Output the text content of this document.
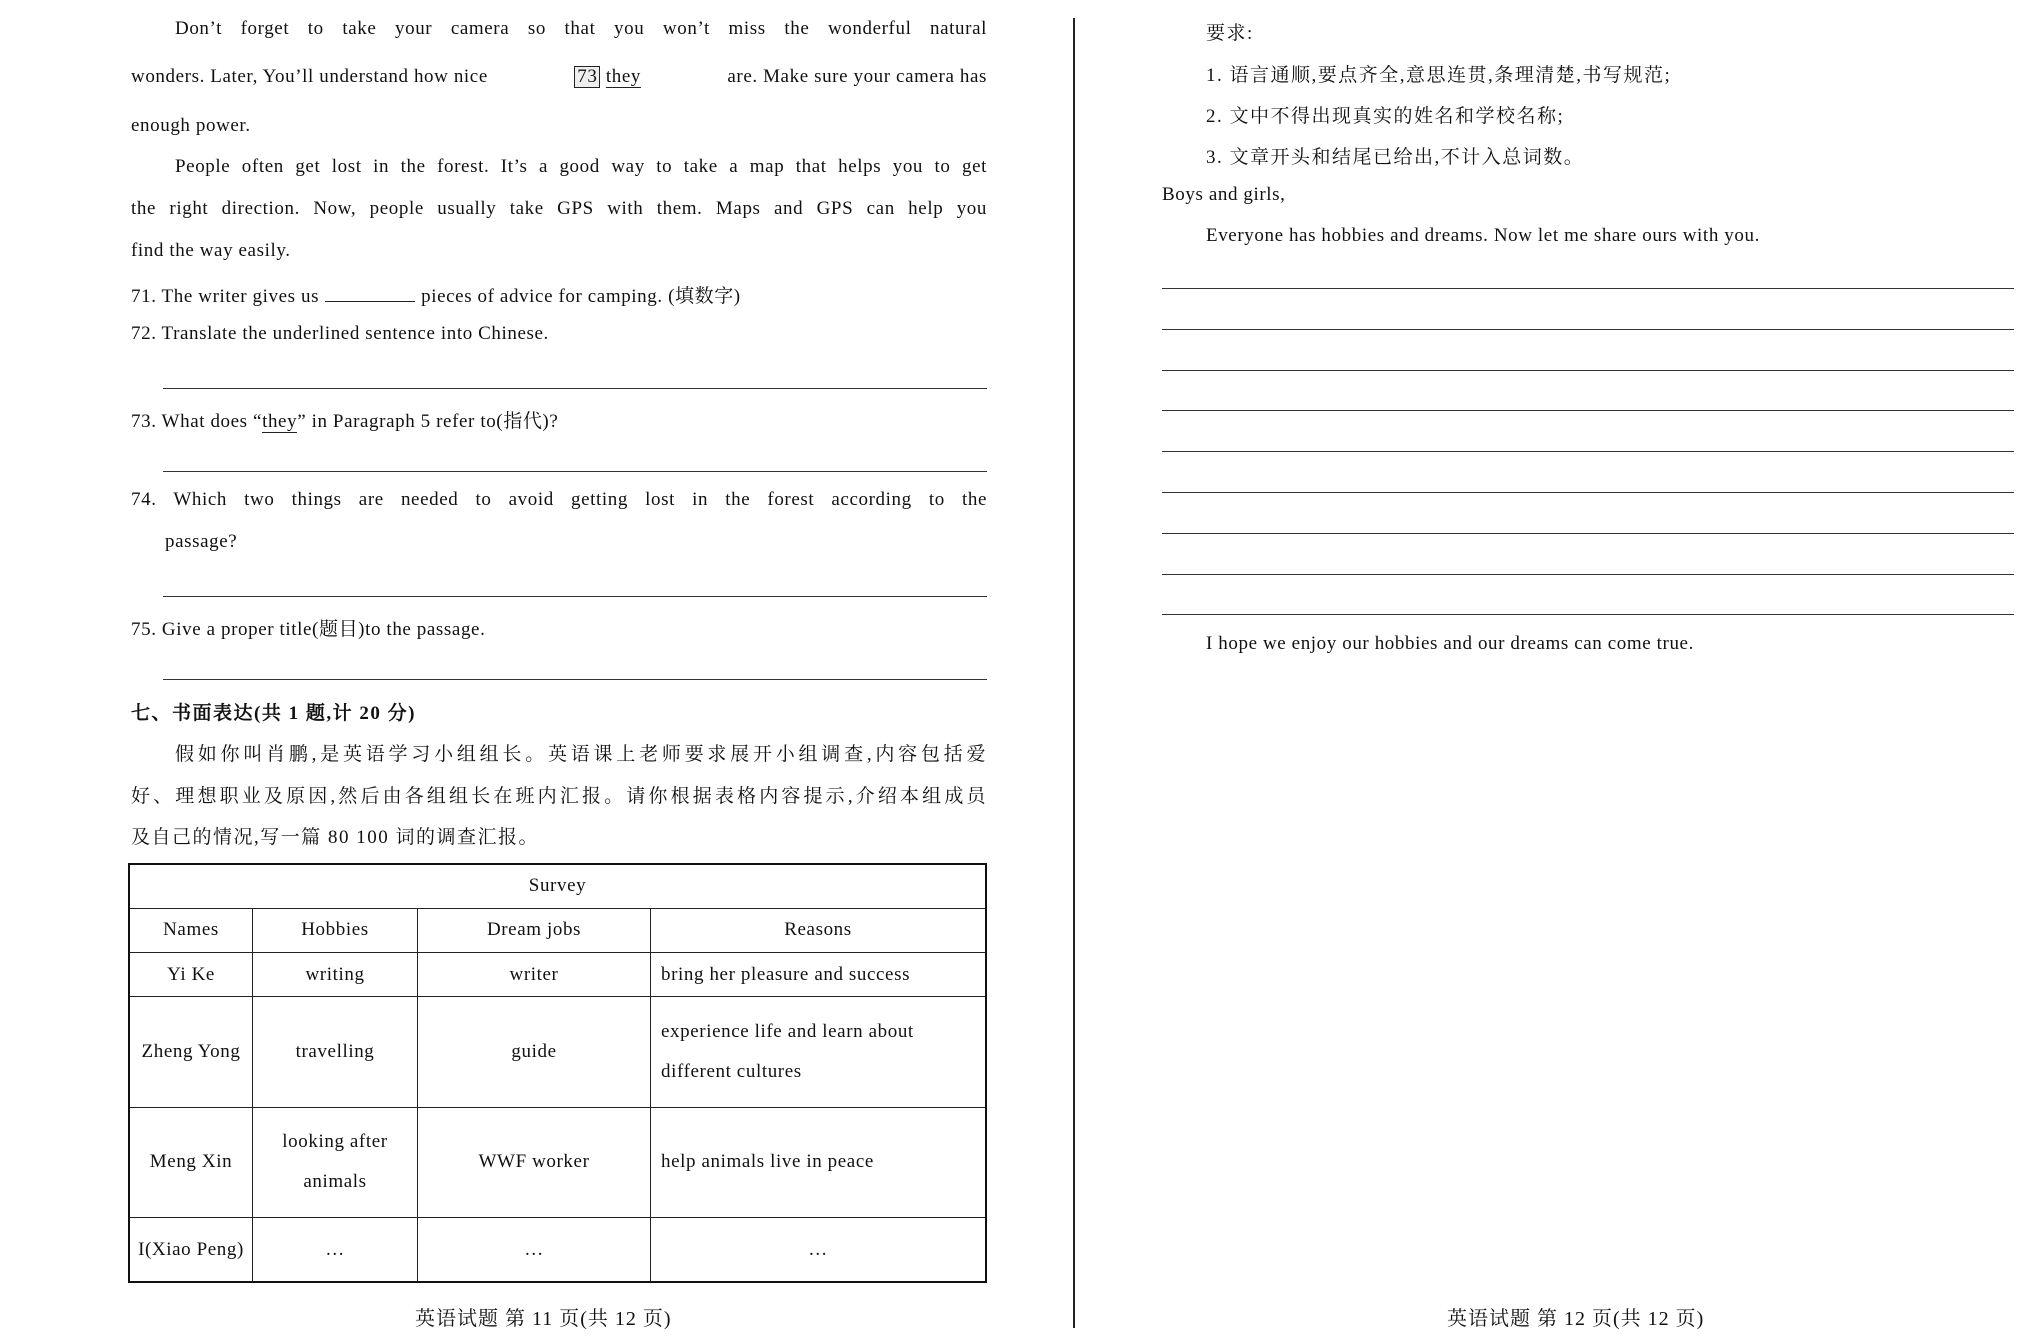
Don’t forget to take your camera so that you won’t miss the wonderful natural
wonders. Later, You’ll understand how nice	73 they	are. Make sure your camera has
enough power.
People often get lost in the forest. It’s a good way to take a map that helps you to get
the right direction. Now, people usually take GPS with them. Maps and GPS can help you
find the way easily.
71. The writer gives us	pieces of advice for camping. (填数字)
72. Translate the underlined sentence into Chinese.
73. What does “they” in Paragraph 5 refer to(指代)?
74. Which two things are needed to avoid getting lost in the forest according to the
passage?
75. Give a proper title(题目)to the passage.
七、书面表达(共 1 题,计 20 分)
假如你叫肖鹏,是英语学习小组组长。英语课上老师要求展开小组调查,内容包括爱
好、理想职业及原因,然后由各组组长在班内汇报。请你根据表格内容提示,介绍本组成员
及自己的情况,写一篇 80 100 词的调查汇报。
Survey			
Names	Hobbies	Dream jobs	Reasons
Yi Ke	writing	writer	bring her pleasure and success
Zheng Yong	travelling	guide	experience life and learn about different cultures
Meng Xin	looking after animals	WWF worker	help animals live in peace
I(Xiao Peng)	…	…	…
英语试题 第 11 页(共 12 页)
要求:
1. 语言通顺,要点齐全,意思连贯,条理清楚,书写规范;
2. 文中不得出现真实的姓名和学校名称;
3. 文章开头和结尾已给出,不计入总词数。
Boys and girls,
Everyone has hobbies and dreams. Now let me share ours with you.
I hope we enjoy our hobbies and our dreams can come true.
英语试题 第 12 页(共 12 页)
